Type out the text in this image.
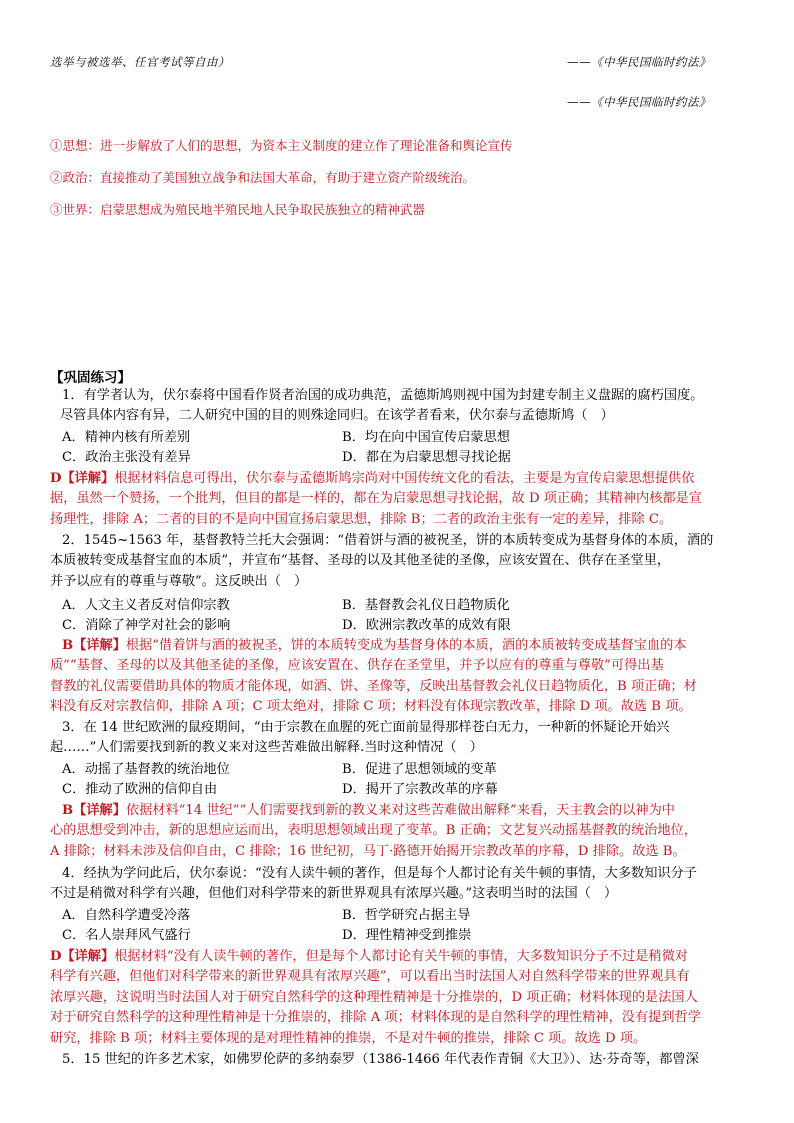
选举与被选举、任官考试等自由）	——《中华民国临时约法》
——《中华民国临时约法》
①思想：进一步解放了人们的思想，为资本主义制度的建立作了理论准备和舆论宣传
②政治：直接推动了美国独立战争和法国大革命，有助于建立资产阶级统治。
③世界：启蒙思想成为殖民地半殖民地人民争取民族独立的精神武器
【巩固练习】
1．有学者认为，伏尔泰将中国看作贤者治国的成功典范，孟德斯鸠则视中国为封建专制主义盘踞的腐朽国度。
尽管具体内容有异，二人研究中国的目的则殊途同归。在该学者看来，伏尔泰与孟德斯鸠（　）
A．精神内核有所差别	B．均在向中国宣传启蒙思想
C．政治主张没有差异	D．都在为启蒙思想寻找论据
D【详解】根据材料信息可得出，伏尔泰与孟德斯鸠宗尚对中国传统文化的看法，主要是为宣传启蒙思想提供依
据，虽然一个赞扬，一个批判，但目的都是一样的，都在为启蒙思想寻找论据，故 D 项正确；其精神内核都是宣
扬理性，排除 A；二者的目的不是向中国宣扬启蒙思想，排除 B；二者的政治主张有一定的差异，排除 C。
2．1545~1563 年，基督教特兰托大会强调：“借着饼与酒的被祝圣，饼的本质转变成为基督身体的本质，酒的
本质被转变成基督宝血的本质”，并宣布“基督、圣母的以及其他圣徒的圣像，应该安置在、供存在圣堂里，
并予以应有的尊重与尊敬”。这反映出（　）
A．人文主义者反对信仰宗教	B．基督教会礼仪日趋物质化
C．消除了神学对社会的影响	D．欧洲宗教改革的成效有限
B【详解】根据“借着饼与酒的被祝圣，饼的本质转变成为基督身体的本质，酒的本质被转变成基督宝血的本
质”“基督、圣母的以及其他圣徒的圣像，应该安置在、供存在圣堂里，并予以应有的尊重与尊敬”可得出基
督教的礼仪需要借助具体的物质才能体现，如酒、饼、圣像等，反映出基督教会礼仪日趋物质化，B 项正确；材
料没有反对宗教信仰，排除 A 项；C 项太绝对，排除 C 项；材料没有体现宗教改革，排除 D 项。故选 B 项。
3．在 14 世纪欧洲的鼠疫期间，“由于宗教在血腥的死亡面前显得那样苍白无力，一种新的怀疑论开始兴
起……”人们需要找到新的教义来对这些苦难做出解释.当时这种情况（　）
A．动摇了基督教的统治地位	B．促进了思想领域的变革
C．推动了欧洲的信仰自由	D．揭开了宗教改革的序幕
B【详解】依据材料“14 世纪”“人们需要找到新的教义来对这些苦难做出解释”来看，天主教会的以神为中
心的思想受到冲击，新的思想应运而出，表明思想领域出现了变革。B 正确；文艺复兴动摇基督教的统治地位，
A 排除；材料未涉及信仰自由，C 排除；16 世纪初，马丁·路德开始揭开宗教改革的序幕，D 排除。故选 B。
4．经执为学问此后，伏尔泰说：“没有人读牛顿的著作，但是每个人都讨论有关牛顿的事情，大多数知识分子
不过是稍微对科学有兴趣，但他们对科学带来的新世界观具有浓厚兴趣。”这表明当时的法国（　）
A．自然科学遭受冷落	B．哲学研究占据主导
C．名人崇拜风气盛行	D．理性精神受到推崇
D【详解】根据材料“没有人读牛顿的著作，但是每个人都讨论有关牛顿的事情，大多数知识分子不过是稍微对
科学有兴趣，但他们对科学带来的新世界观具有浓厚兴趣”，可以看出当时法国人对自然科学带来的世界观具有
浓厚兴趣，这说明当时法国人对于研究自然科学的这种理性精神是十分推崇的，D 项正确；材料体现的是法国人
对于研究自然科学的这种理性精神是十分推崇的，排除 A 项；材料体现的是自然科学的理性精神，没有提到哲学
研究，排除 B 项；材料主要体现的是对理性精神的推崇，不是对牛顿的推崇，排除 C 项。故选 D 项。
5．15 世纪的许多艺术家，如佛罗伦萨的多纳泰罗（1386-1466 年代表作青铜《大卫》）、达·芬奇等，都曾深
